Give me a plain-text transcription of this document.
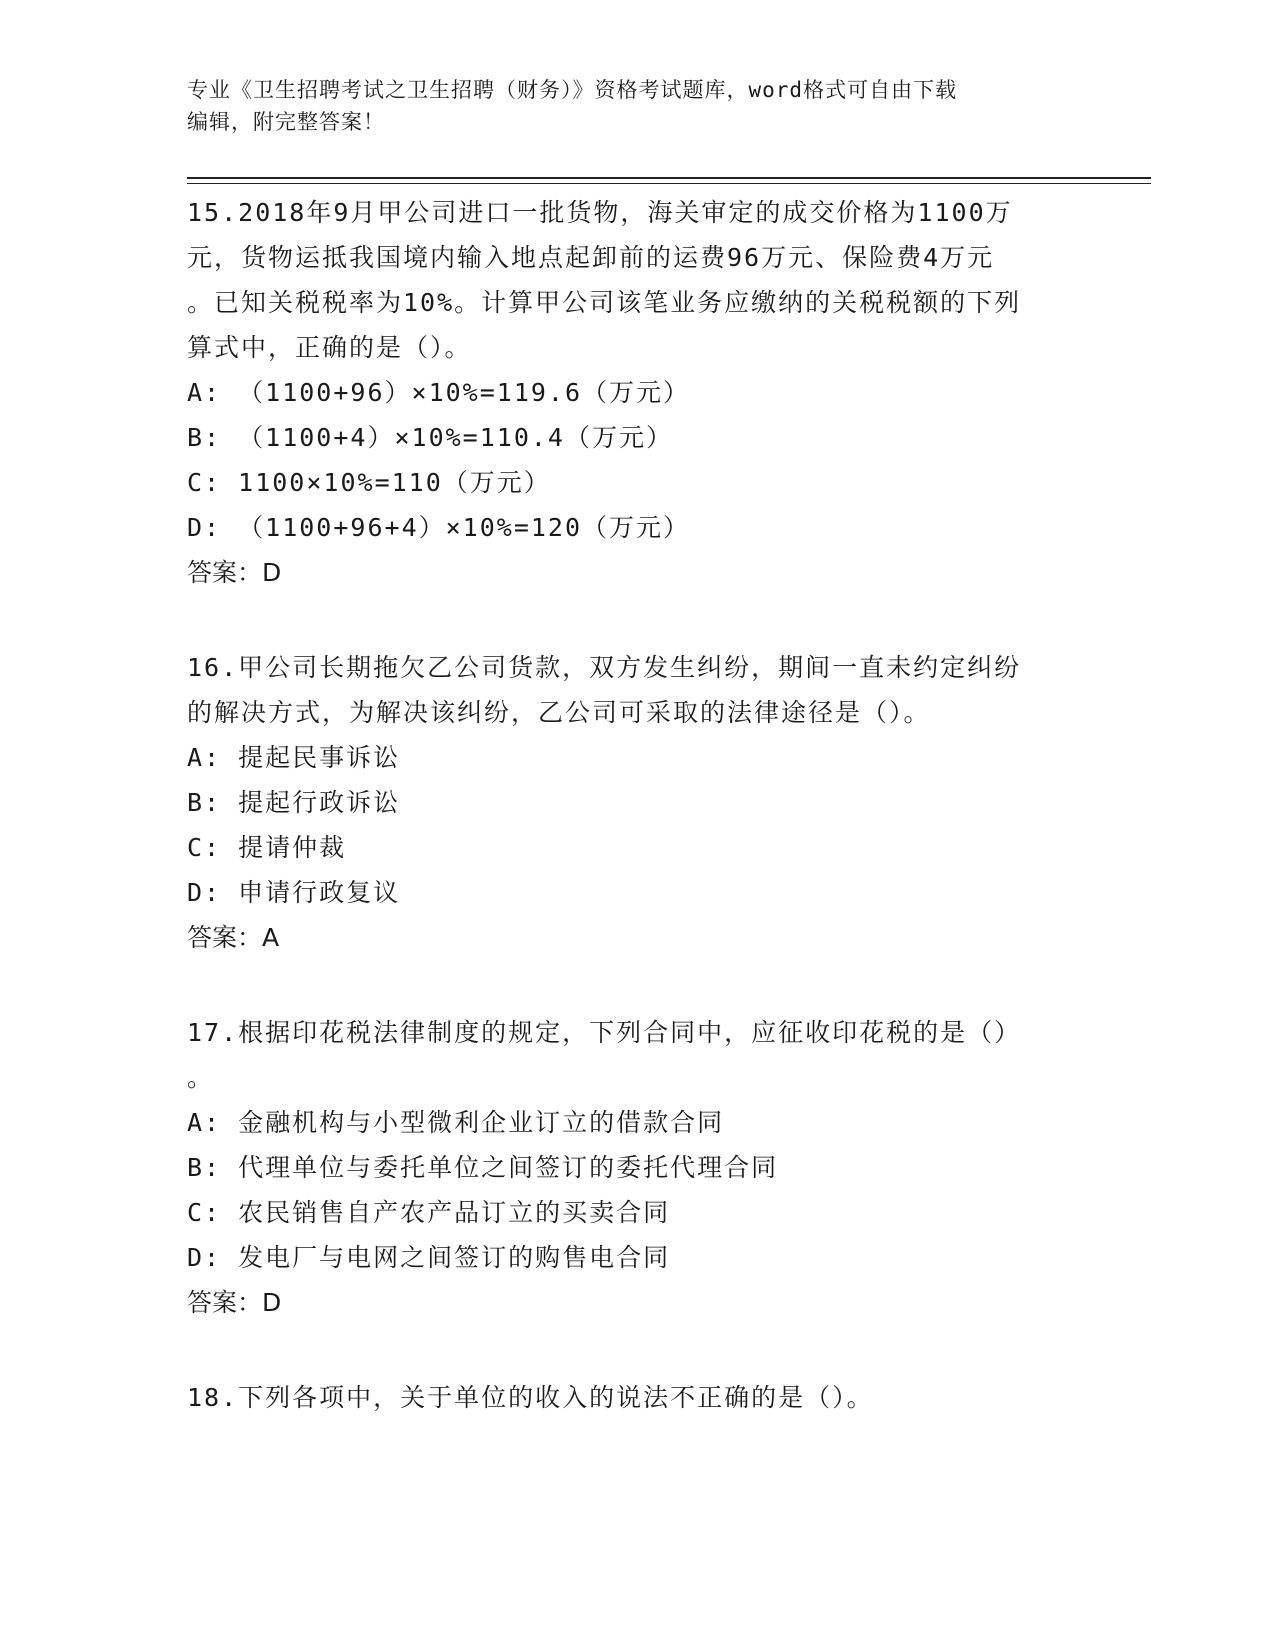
专业《卫生招聘考试之卫生招聘（财务）》资格考试题库，word格式可自由下载
编辑，附完整答案！

15.2018年9月甲公司进口一批货物，海关审定的成交价格为1100万

元，货物运抵我国境内输入地点起卸前的运费96万元、保险费4万元

。已知关税税率为10%。计算甲公司该笔业务应缴纳的关税税额的下列

算式中，正确的是（）。

A: （1100+96）×10%=119.6（万元）

B: （1100+4）×10%=110.4（万元）

C: 1100×10%=110（万元）

D: （1100+96+4）×10%=120（万元）

答案：D

16.甲公司长期拖欠乙公司货款，双方发生纠纷，期间一直未约定纠纷

的解决方式，为解决该纠纷，乙公司可采取的法律途径是（）。

A: 提起民事诉讼

B: 提起行政诉讼

C: 提请仲裁

D: 申请行政复议

答案：A

17.根据印花税法律制度的规定，下列合同中，应征收印花税的是（）

。

A: 金融机构与小型微利企业订立的借款合同

B: 代理单位与委托单位之间签订的委托代理合同

C: 农民销售自产农产品订立的买卖合同

D: 发电厂与电网之间签订的购售电合同

答案：D

18.下列各项中，关于单位的收入的说法不正确的是（）。
